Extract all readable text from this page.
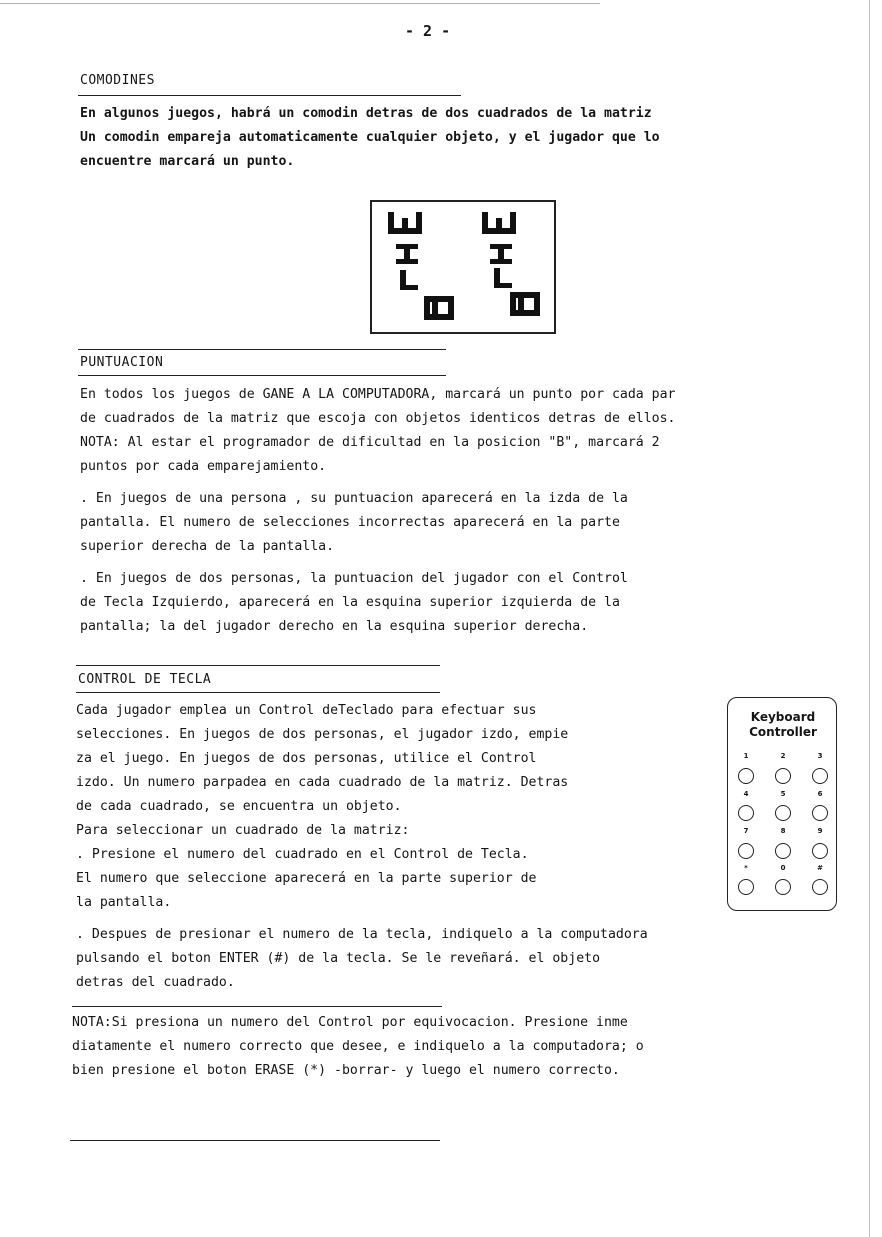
- 2 -
COMODINES
En algunos juegos, habrá un comodin detras de dos cuadrados de la matriz
Un comodin empareja automaticamente cualquier objeto, y el jugador que lo
encuentre marcará un punto.
PUNTUACION
En todos los juegos de GANE A LA COMPUTADORA, marcará un punto por cada par
de cuadrados de la matriz que escoja con objetos identicos detras de ellos.
NOTA: Al estar el programador de dificultad en la posicion "B", marcará 2
puntos por cada emparejamiento.
. En juegos de una persona , su puntuacion aparecerá en la izda de la
pantalla. El numero de selecciones incorrectas aparecerá en la parte
superior derecha de la pantalla.
. En juegos de dos personas, la puntuacion del jugador con el Control
de Tecla Izquierdo, aparecerá en la esquina superior izquierda de la
pantalla; la del jugador derecho en la esquina superior derecha.
CONTROL DE TECLA
Cada jugador emplea un Control deTeclado para efectuar sus
selecciones. En juegos de dos personas, el jugador izdo, empie
za el juego. En juegos de dos personas, utilice el Control
izdo. Un numero parpadea en cada cuadrado de la matriz. Detras
de cada cuadrado, se encuentra un objeto.
Para seleccionar un cuadrado de la matriz:
. Presione el numero del cuadrado en el Control de Tecla.
El numero que seleccione aparecerá en la parte superior de
la pantalla.
. Despues de presionar el numero de la tecla, indiquelo a la computadora
pulsando el boton ENTER (#) de la tecla. Se le reveñará. el objeto
detras del cuadrado.
NOTA:Si presiona un numero del Control por equivocacion. Presione inme
diatamente el numero correcto que desee, e indiquelo a la computadora; o
bien presione el boton ERASE (*) -borrar- y luego el numero correcto.
Keyboard
Controller
1	2	3
4	5	6
7	8	9
*	0	#
